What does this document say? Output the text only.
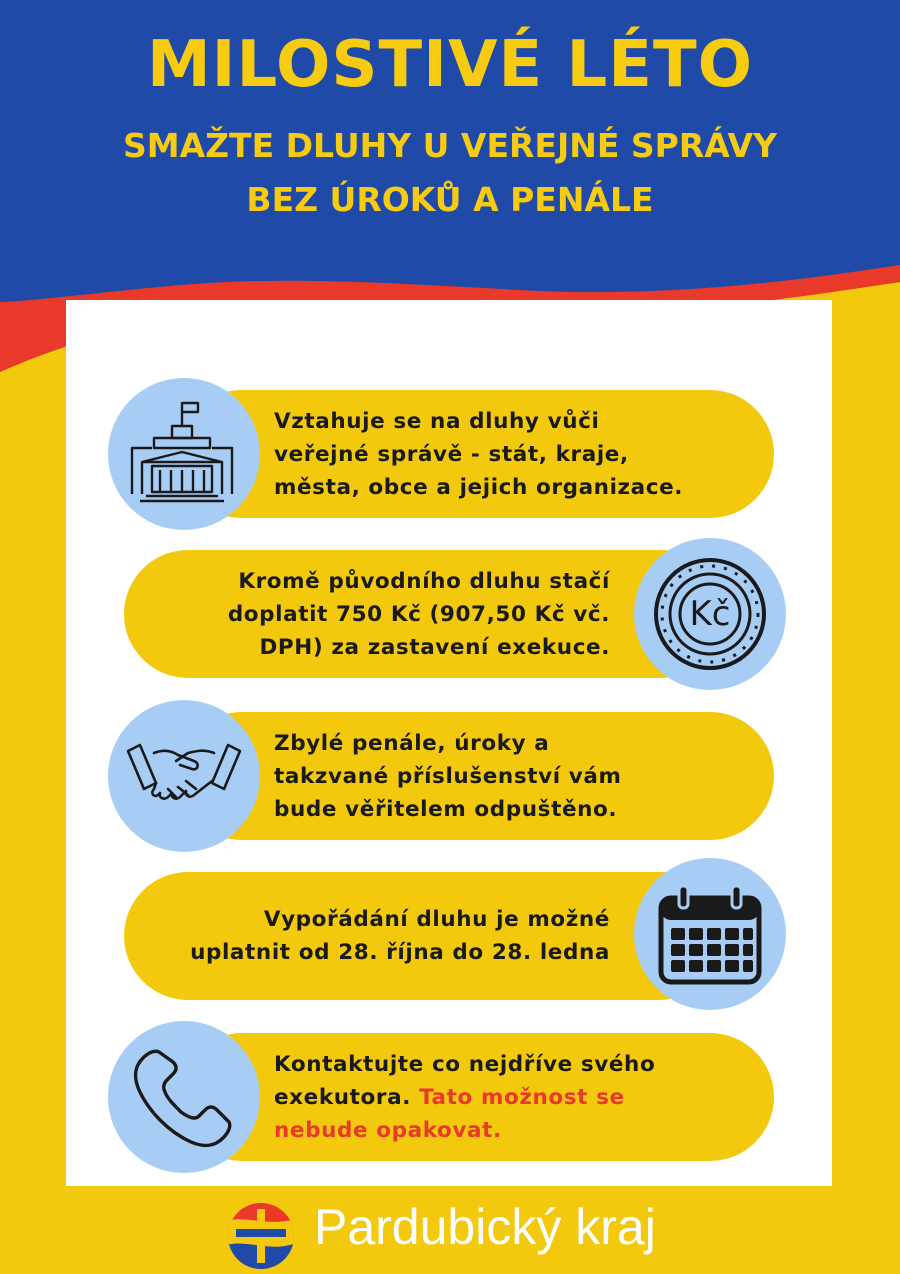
MILOSTIVÉ LÉTO
SMAŽTE DLUHY U VEŘEJNÉ SPRÁVY
BEZ ÚROKŮ A PENÁLE
Vztahuje se na dluhy vůči
veřejné správě - stát, kraje,
města, obce a jejich organizace.
Kromě původního dluhu stačí
doplatit 750 Kč (907,50 Kč vč.
DPH) za zastavení exekuce.
Kč
Zbylé penále, úroky a
takzvané příslušenství vám
bude věřitelem odpuštěno.
Vypořádání dluhu je možné
uplatnit od 28. října do 28. ledna
Kontaktujte co nejdříve svého
exekutora. Tato možnost se
nebude opakovat.
Pardubický kraj
